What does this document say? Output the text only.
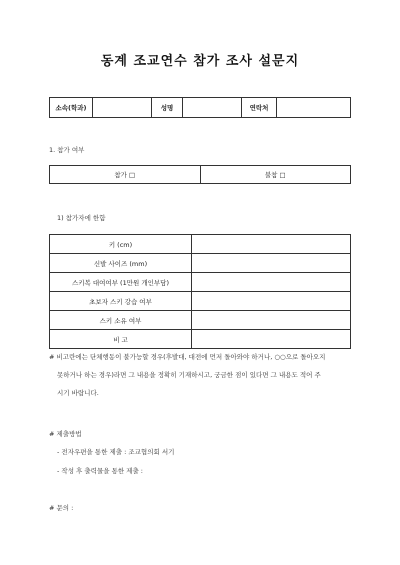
동계 조교연수 참가 조사 설문지
소속(학과)		성명		연락처	
1. 참가 여부
참가 □	불참 □
1) 참가자에 한함
키 (cm)	
신발 사이즈 (mm)	
스키복 대여여부 (1만원 개인부담)	
초보자 스키 강습 여부	
스키 소유 여부	
비 고	

# 비고란에는 단체행동이 불가능할 경우(후발대, 대전에 먼저 돌아와야 하거나, ○○으로 돌아오지

못하거나 하는 경우)라면 그 내용을 정확히 기재하시고, 궁금한 점이 있다면 그 내용도 적어 주

시기 바랍니다.

# 제출방법
- 전자우편을 통한 제출 : 조교협의회 서기
- 작성 후 출력물을 통한 제출 :
# 문의 :
